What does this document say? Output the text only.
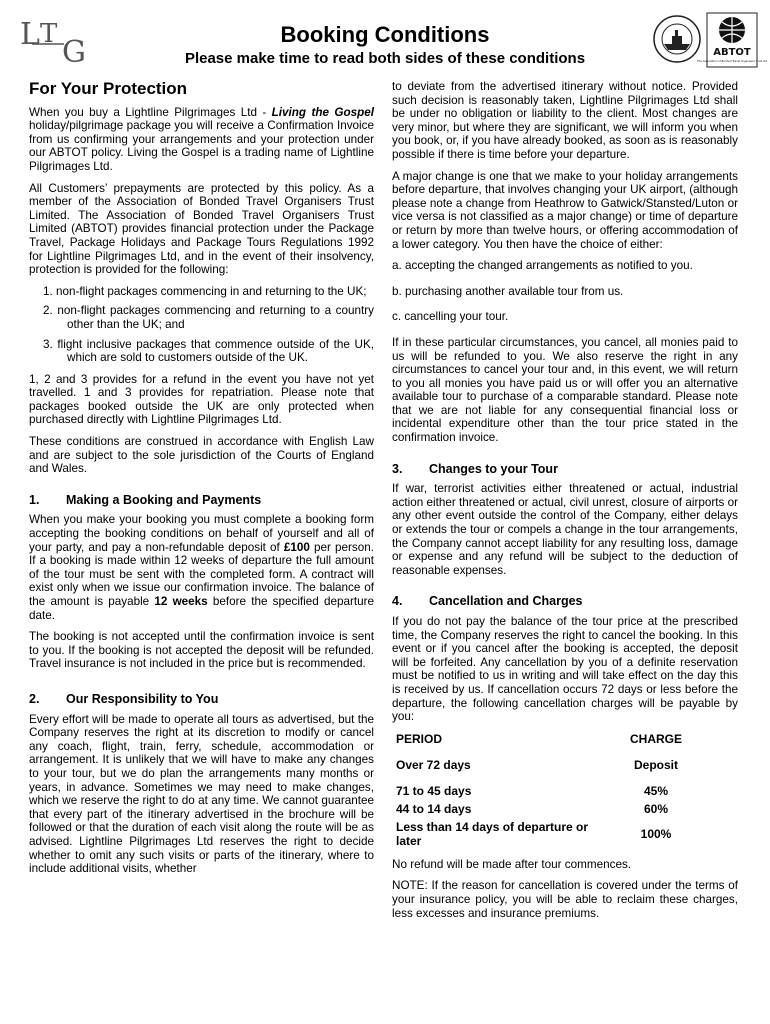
L T
G
Booking Conditions
Please make time to read both sides of these conditions	ABTOT
The Association of Bonded Travel Organisers Trust Ltd
For Your Protection

When you buy a Lightline Pilgrimages Ltd - Living the Gospel holiday/pilgrimage package you will receive a Confirmation Invoice from us confirming your arrangements and your protection under our ABTOT policy. Living the Gospel is a trading name of Lightline Pilgrimages Ltd.

All Customers’ prepayments are protected by this policy. As a member of the Association of Bonded Travel Organisers Trust Limited. The Association of Bonded Travel Organisers Trust Limited (ABTOT) provides financial protection under the Package Travel, Package Holidays and Package Tours Regulations 1992 for Lightline Pilgrimages Ltd, and in the event of their insolvency, protection is provided for the following:

1. non-flight packages commencing in and returning to the UK;
2. non-flight packages commencing and returning to a country other than the UK; and
3. flight inclusive packages that commence outside of the UK, which are sold to customers outside of the UK.

1, 2 and 3 provides for a refund in the event you have not yet travelled. 1 and 3 provides for repatriation. Please note that packages booked outside the UK are only protected when purchased directly with Lightline Pilgrimages Ltd.

These conditions are construed in accordance with English Law and are subject to the sole jurisdiction of the Courts of England and Wales.

1.	Making a Booking and Payments

When you make your booking you must complete a booking form accepting the booking conditions on behalf of yourself and all of your party, and pay a non-refundable deposit of £100 per person. If a booking is made within 12 weeks of departure the full amount of the tour must be sent with the completed form. A contract will exist only when we issue our confirmation invoice. The balance of the amount is payable 12 weeks before the specified departure date.

The booking is not accepted until the confirmation invoice is sent to you. If the booking is not accepted the deposit will be refunded. Travel insurance is not included in the price but is recommended.

2.	Our Responsibility to You

Every effort will be made to operate all tours as advertised, but the Company reserves the right at its discretion to modify or cancel any coach, flight, train, ferry, schedule, accommodation or arrangement. It is unlikely that we will have to make any changes to your tour, but we do plan the arrangements many months or years, in advance. Sometimes we may need to make changes, which we reserve the right to do at any time. We cannot guarantee that every part of the itinerary advertised in the brochure will be followed or that the duration of each visit along the route will be as advised. Lightline Pilgrimages Ltd reserves the right to decide whether to omit any such visits or parts of the itinerary, where to include additional visits, whether

to deviate from the advertised itinerary without notice. Provided such decision is reasonably taken, Lightline Pilgrimages Ltd shall be under no obligation or liability to the client. Most changes are very minor, but where they are significant, we will inform you when you book, or, if you have already booked, as soon as is reasonably possible if there is time before your departure.

A major change is one that we make to your holiday arrangements before departure, that involves changing your UK airport, (although please note a change from Heathrow to Gatwick/Stansted/Luton or vice versa is not classified as a major change) or time of departure or return by more than twelve hours, or offering accommodation of a lower category. You then have the choice of either:

a. accepting the changed arrangements as notified to you.

b. purchasing another available tour from us.

c. cancelling your tour.

If in these particular circumstances, you cancel, all monies paid to us will be refunded to you. We also reserve the right in any circumstances to cancel your tour and, in this event, we will return to you all monies you have paid us or will offer you an alternative available tour to purchase of a comparable standard. Please note that we are not liable for any consequential financial loss or incidental expenditure other than the tour price stated in the confirmation invoice.

3.	Changes to your Tour

If war, terrorist activities either threatened or actual, industrial action either threatened or actual, civil unrest, closure of airports or any other event outside the control of the Company, either delays or extends the tour or compels a change in the tour arrangements, the Company cannot accept liability for any resulting loss, damage or expense and any refund will be subject to the deduction of reasonable expenses.

4.	Cancellation and Charges

If you do not pay the balance of the tour price at the prescribed time, the Company reserves the right to cancel the booking. In this event or if you cancel after the booking is accepted, the deposit will be forfeited. Any cancellation by you of a definite reservation must be notified to us in writing and will take effect on the day this is received by us. If cancellation occurs 72 days or less before the departure, the following cancellation charges will be payable by you:

PERIOD	CHARGE
Over 72 days	Deposit
71 to 45 days	45%
44 to 14 days	60%
Less than 14 days of departure or later	100%

No refund will be made after tour commences.

NOTE: If the reason for cancellation is covered under the terms of your insurance policy, you will be able to reclaim these charges, less excesses and insurance premiums.
